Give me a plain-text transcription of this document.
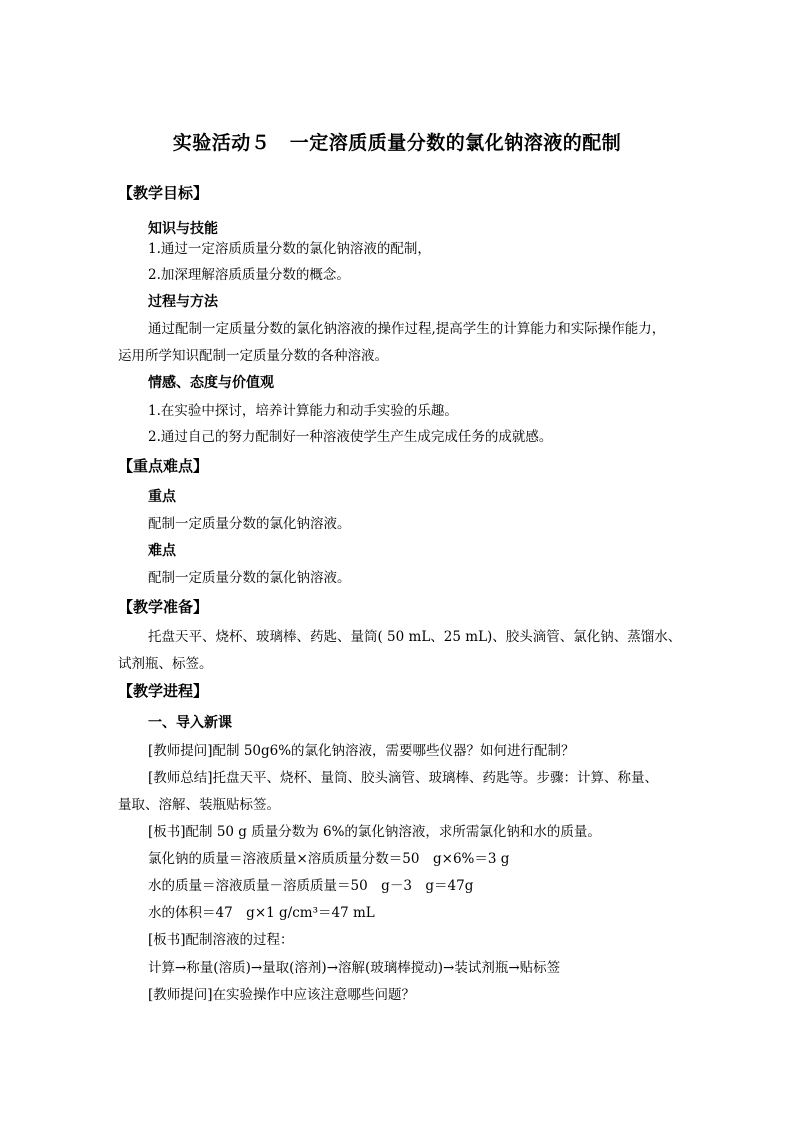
实验活动５　一定溶质质量分数的氯化钠溶液的配制
【教学目标】
知识与技能
1.通过一定溶质质量分数的氯化钠溶液的配制，
2.加深理解溶质质量分数的概念。
过程与方法
通过配制一定质量分数的氯化钠溶液的操作过程,提高学生的计算能力和实际操作能力，
运用所学知识配制一定质量分数的各种溶液。
情感、态度与价值观
1.在实验中探讨，培养计算能力和动手实验的乐趣。
2.通过自己的努力配制好一种溶液使学生产生成完成任务的成就感。
【重点难点】
重点
配制一定质量分数的氯化钠溶液。
难点
配制一定质量分数的氯化钠溶液。
【教学准备】
托盘天平、烧杯、玻璃棒、药匙、量筒( 50 mL、25 mL)、胶头滴管、氯化钠、蒸馏水、
试剂瓶、标签。
【教学进程】
一、导入新课
[教师提问]配制 50g6%的氯化钠溶液，需要哪些仪器？如何进行配制？
[教师总结]托盘天平、烧杯、量筒、胶头滴管、玻璃棒、药匙等。步骤：计算、称量、
量取、溶解、装瓶贴标签。
[板书]配制 50 g 质量分数为 6%的氯化钠溶液，求所需氯化钠和水的质量。
氯化钠的质量＝溶液质量×溶质质量分数＝50　g×6%＝3 g
水的质量＝溶液质量－溶质质量＝50　g－3　g＝47g
水的体积＝47　g×1 g/cm³＝47 mL
[板书]配制溶液的过程：
计算→称量(溶质)→量取(溶剂)→溶解(玻璃棒搅动)→装试剂瓶→贴标签
[教师提问]在实验操作中应该注意哪些问题？
